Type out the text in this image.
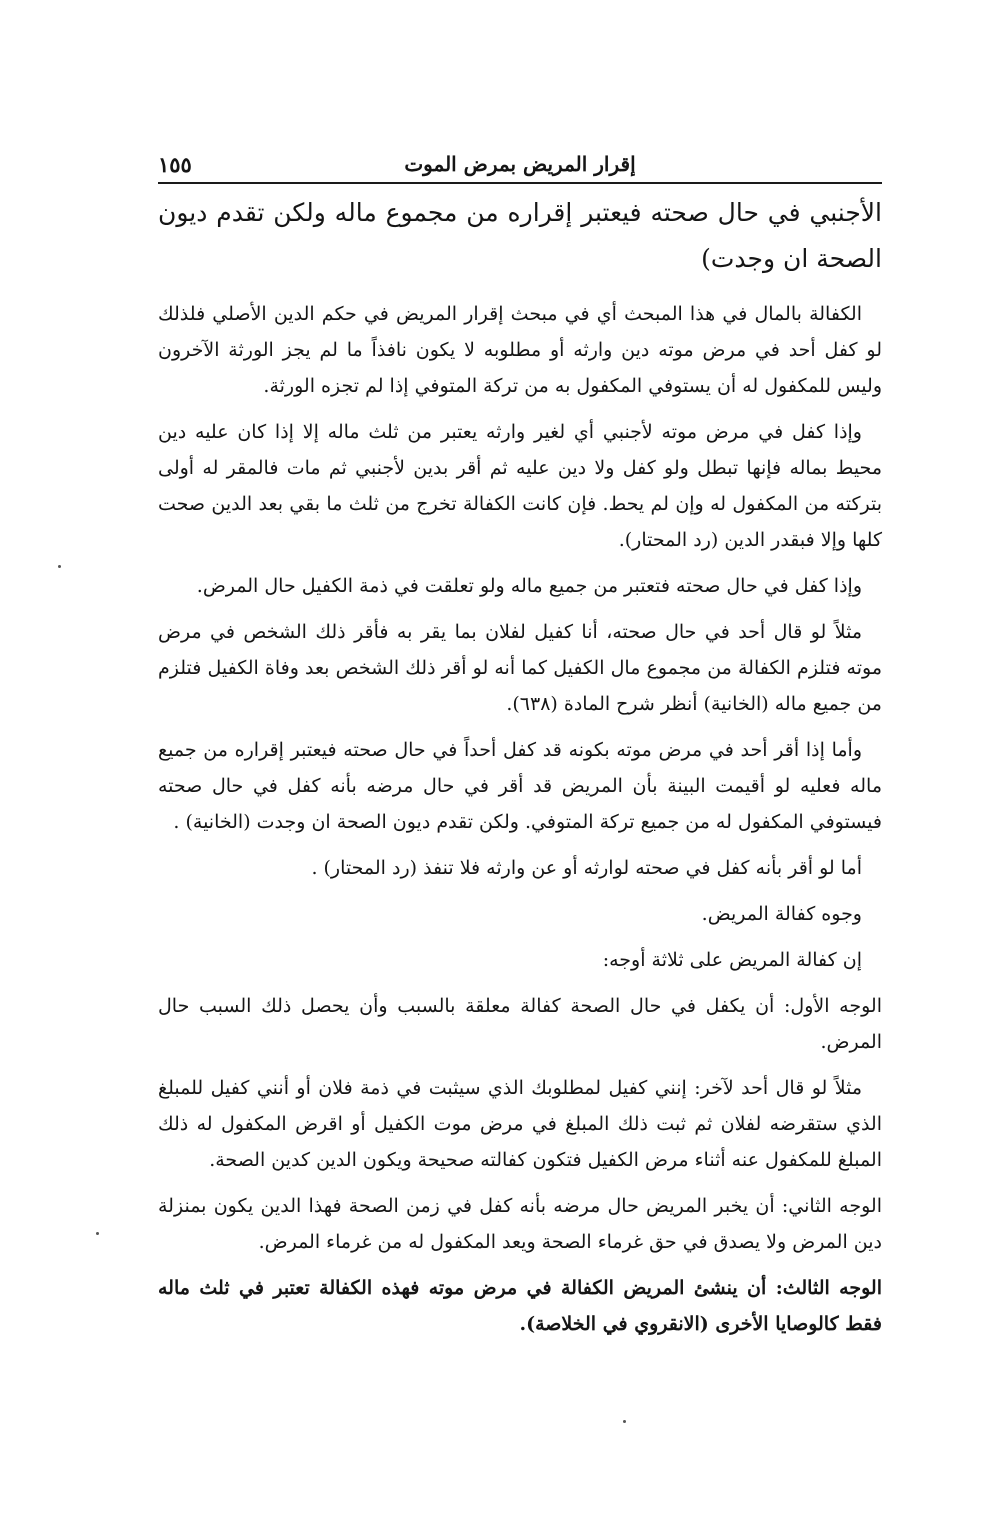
إقرار المريض بمرض الموت
١٥٥

الأجنبي في حال صحته فيعتبر إقراره من مجموع ماله ولكن تقدم ديون الصحة ان وجدت)

الكفالة بالمال في هذا المبحث أي في مبحث إقرار المريض في حكم الدين الأصلي فلذلك لو كفل أحد في مرض موته دين وارثه أو مطلوبه لا يكون نافذاً ما لم يجز الورثة الآخرون وليس للمكفول له أن يستوفي المكفول به من تركة المتوفي إذا لم تجزه الورثة.

وإذا كفل في مرض موته لأجنبي أي لغير وارثه يعتبر من ثلث ماله إلا إذا كان عليه دين محيط بماله فإنها تبطل ولو كفل ولا دين عليه ثم أقر بدين لأجنبي ثم مات فالمقر له أولى بتركته من المكفول له وإن لم يحط. فإن كانت الكفالة تخرج من ثلث ما بقي بعد الدين صحت كلها وإلا فبقدر الدين (رد المحتار).

وإذا كفل في حال صحته فتعتبر من جميع ماله ولو تعلقت في ذمة الكفيل حال المرض.

مثلاً لو قال أحد في حال صحته، أنا كفيل لفلان بما يقر به فأقر ذلك الشخص في مرض موته فتلزم الكفالة من مجموع مال الكفيل كما أنه لو أقر ذلك الشخص بعد وفاة الكفيل فتلزم من جميع ماله (الخانية) أنظر شرح المادة (٦٣٨).

وأما إذا أقر أحد في مرض موته بكونه قد كفل أحداً في حال صحته فيعتبر إقراره من جميع ماله فعليه لو أقيمت البينة بأن المريض قد أقر في حال مرضه بأنه كفل في حال صحته فيستوفي المكفول له من جميع تركة المتوفي. ولكن تقدم ديون الصحة ان وجدت (الخانية) .

أما لو أقر بأنه كفل في صحته لوارثه أو عن وارثه فلا تنفذ (رد المحتار) .

وجوه كفالة المريض.

إن كفالة المريض على ثلاثة أوجه:

الوجه الأول: أن يكفل في حال الصحة كفالة معلقة بالسبب وأن يحصل ذلك السبب حال المرض.

مثلاً لو قال أحد لآخر: إنني كفيل لمطلوبك الذي سيثبت في ذمة فلان أو أنني كفيل للمبلغ الذي ستقرضه لفلان ثم ثبت ذلك المبلغ في مرض موت الكفيل أو اقرض المكفول له ذلك المبلغ للمكفول عنه أثناء مرض الكفيل فتكون كفالته صحيحة ويكون الدين كدين الصحة.

الوجه الثاني: أن يخبر المريض حال مرضه بأنه كفل في زمن الصحة فهذا الدين يكون بمنزلة دين المرض ولا يصدق في حق غرماء الصحة ويعد المكفول له من غرماء المرض.

الوجه الثالث: أن ينشئ المريض الكفالة في مرض موته فهذه الكفالة تعتبر في ثلث ماله فقط كالوصايا الأخرى (الانقروي في الخلاصة).
